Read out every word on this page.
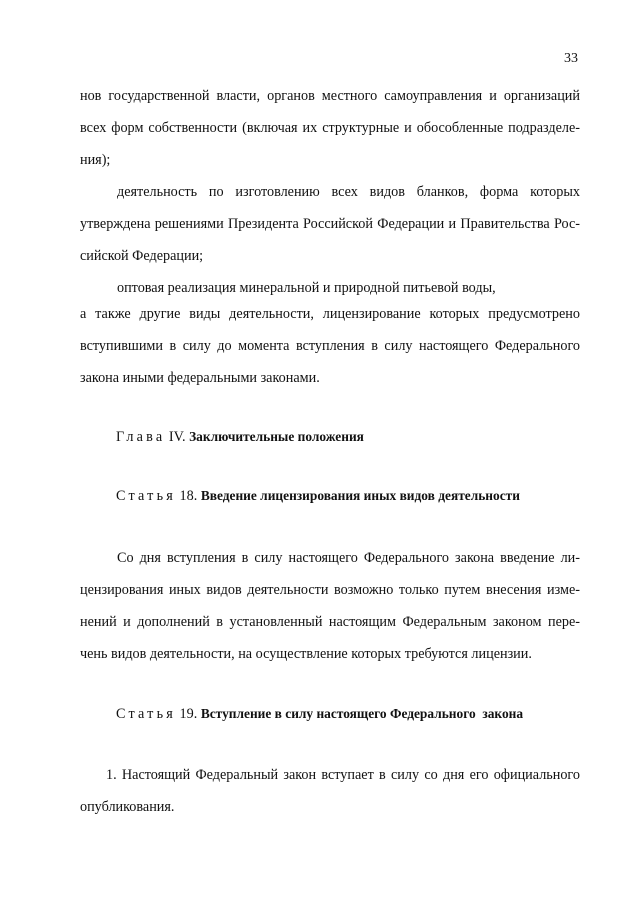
33
нов государственной власти, органов местного самоуправления и организаций
всех форм собственности (включая их структурные и обособленные подразделе-
ния);
деятельность по изготовлению всех видов бланков, форма которых
утверждена решениями Президента Российской Федерации и Правительства Рос-
сийской Федерации;
оптовая реализация минеральной и природной питьевой воды,
а также другие виды деятельности, лицензирование которых предусмотрено
вступившими в силу до момента вступления в силу настоящего Федерального
закона иными федеральными законами.
Глава IV. Заключительные положения
Статья 18. Введение лицензирования иных видов деятельности
Со дня вступления в силу настоящего Федерального закона введение ли-
цензирования иных видов деятельности возможно только путем внесения изме-
нений и дополнений в установленный настоящим Федеральным законом пере-
чень видов деятельности, на осуществление которых требуются лицензии.
Статья 19. Вступление в силу настоящего Федерального  закона
1. Настоящий Федеральный закон вступает в силу со дня его официального
опубликования.
